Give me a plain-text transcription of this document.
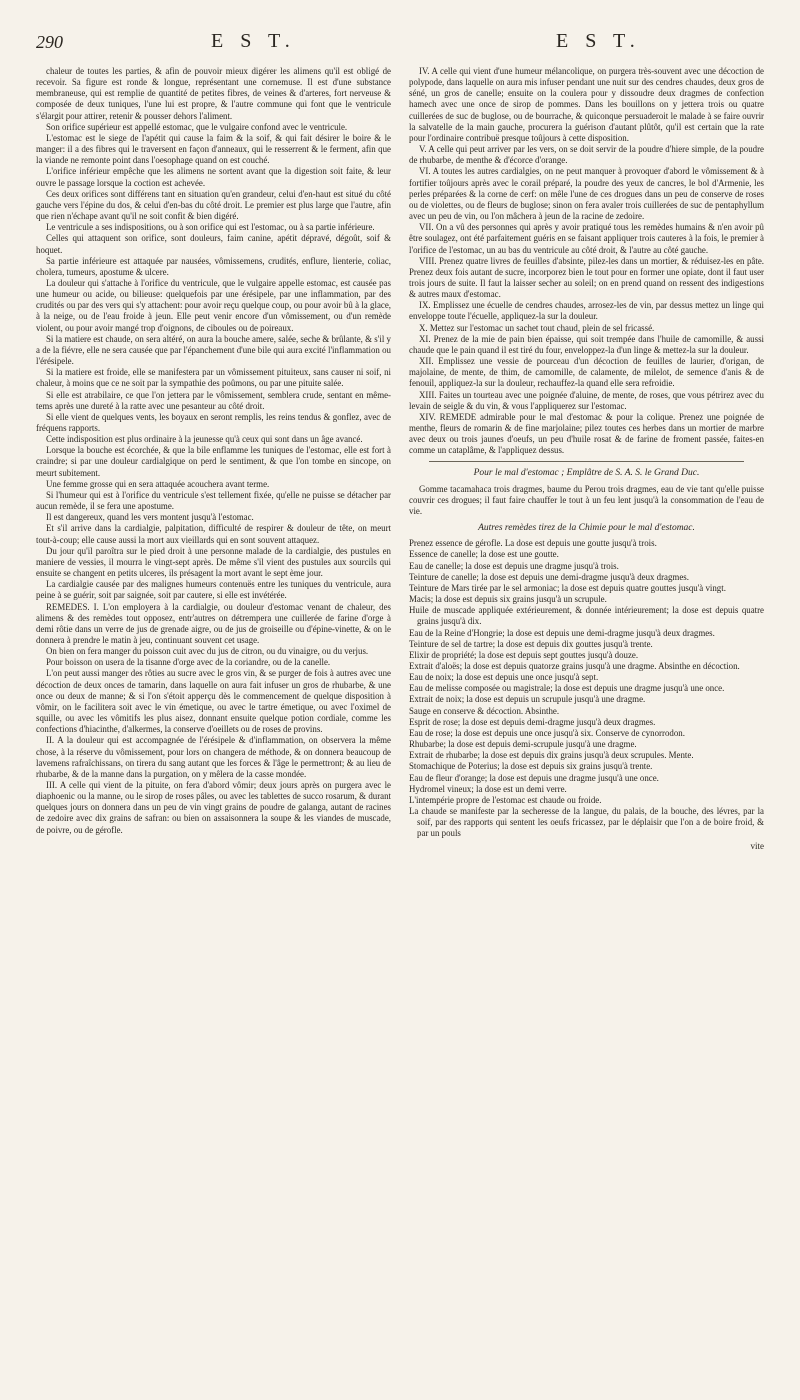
290	E S T.	E S T.

chaleur de toutes les parties, & afin de pouvoir mieux digérer les alimens qu'il est obligé de recevoir. Sa figure est ronde & longue, représentant une cornemuse. Il est d'une substance membraneuse, qui est remplie de quantité de petites fibres, de veines & d'arteres, fort nerveuse & composée de deux tuniques, l'une lui est propre, & l'autre commune qui font que le ventricule s'élargit pour attirer, retenir & pousser dehors l'aliment.

Son orifice supérieur est appellé estomac, que le vulgaire confond avec le ventricule.

L'estomac est le siege de l'apétit qui cause la faim & la soif, & qui fait désirer le boire & le manger: il a des fibres qui le traversent en façon d'anneaux, qui le resserrent & le ferment, afin que la viande ne remonte point dans l'oesophage quand on est couché.

L'orifice inférieur empêche que les alimens ne sortent avant que la digestion soit faite, & leur ouvre le passage lorsque la coction est achevée.

Ces deux orifices sont différens tant en situation qu'en grandeur, celui d'en-haut est situé du côté gauche vers l'épine du dos, & celui d'en-bas du côté droit. Le premier est plus large que l'autre, afin que rien n'échape avant qu'il ne soit confit & bien digéré.

Le ventricule a ses indispositions, ou à son orifice qui est l'estomac, ou à sa partie inférieure.

Celles qui attaquent son orifice, sont douleurs, faim canine, apétit dépravé, dégoût, soif & hoquet.

Sa partie inférieure est attaquée par nausées, vômissemens, crudités, enflure, lienterie, coliac, cholera, tumeurs, apostume & ulcere.

La douleur qui s'attache à l'orifice du ventricule, que le vulgaire appelle estomac, est causée pas une humeur ou acide, ou bilieuse: quelquefois par une érésipele, par une inflammation, par des crudités ou par des vers qui s'y attachent: pour avoir reçu quelque coup, ou pour avoir bû à la glace, à la neige, ou de l'eau froide à jeun. Elle peut venir encore d'un vômissement, ou d'un remède violent, ou pour avoir mangé trop d'oignons, de ciboules ou de poireaux.

Si la matiere est chaude, on sera altéré, on aura la bouche amere, salée, seche & brûlante, & s'il y a de la fiévre, elle ne sera causée que par l'épanchement d'une bile qui aura excité l'inflammation ou l'érésipele.

Si la matiere est froide, elle se manifestera par un vômissement pituiteux, sans causer ni soif, ni chaleur, à moins que ce ne soit par la sympathie des poûmons, ou par une pituite salée.

Si elle est atrabilaire, ce que l'on jettera par le vômissement, semblera crude, sentant en même-tems après une dureté à la ratte avec une pesanteur au côté droit.

Si elle vient de quelques vents, les boyaux en seront remplis, les reins tendus & gonflez, avec de fréquens rapports.

Cette indisposition est plus ordinaire à la jeunesse qu'à ceux qui sont dans un âge avancé.

Lorsque la bouche est écorchée, & que la bile enflamme les tuniques de l'estomac, elle est fort à craindre; si par une douleur cardialgique on perd le sentiment, & que l'on tombe en sincope, on meurt subitement.

Une femme grosse qui en sera attaquée acouchera avant terme.

Si l'humeur qui est à l'orifice du ventricule s'est tellement fixée, qu'elle ne puisse se détacher par aucun remède, il se fera une apostume.

Il est dangereux, quand les vers montent jusqu'à l'estomac.

Et s'il arrive dans la cardialgie, palpitation, difficulté de respirer & douleur de tête, on meurt tout-à-coup; elle cause aussi la mort aux vieillards qui en sont souvent attaquez.

Du jour qu'il paroîtra sur le pied droit à une personne malade de la cardialgie, des pustules en maniere de vessies, il mourra le vingt-sept après. De même s'il vient des pustules aux sourcils qui ensuite se changent en petits ulceres, ils présagent la mort avant le sept ème jour.

La cardialgie causée par des malignes humeurs contenuës entre les tuniques du ventricule, aura peine à se guérir, soit par saignée, soit par cautere, si elle est invétérée.

REMEDES. I. L'on employera à la cardialgie, ou douleur d'estomac venant de chaleur, des alimens & des remèdes tout opposez, entr'autres on détrempera une cuillerée de farine d'orge à demi rôtie dans un verre de jus de grenade aigre, ou de jus de groiseille ou d'épine-vinette, & on le donnera à prendre le matin à jeu, continuant souvent cet usage.

On bien on fera manger du poisson cuit avec du jus de citron, ou du vinaigre, ou du verjus.

Pour boisson on usera de la tisanne d'orge avec de la coriandre, ou de la canelle.

L'on peut aussi manger des rôties au sucre avec le gros vin, & se purger de fois à autres avec une décoction de deux onces de tamarin, dans laquelle on aura fait infuser un gros de rhubarbe, & une once ou deux de manne; & si l'on s'étoit apperçu dès le commencement de quelque disposition à vômir, on le facilitera soit avec le vin émetique, ou avec le tartre émetique, ou avec l'oximel de squille, ou avec les vômitifs les plus aisez, donnant ensuite quelque potion cordiale, comme les confections d'hiacinthe, d'alkermes, la conserve d'oeillets ou de roses de provins.

II. A la douleur qui est accompagnée de l'érésipele & d'inflammation, on observera la même chose, à la réserve du vômissement, pour lors on changera de méthode, & on donnera beaucoup de lavemens rafraîchissans, on tirera du sang autant que les forces & l'âge le permettront; & au lieu de rhubarbe, & de la manne dans la purgation, on y mêlera de la casse mondée.

III. A celle qui vient de la pituite, on fera d'abord vômir; deux jours après on purgera avec le diaphoenic ou la manne, ou le sirop de roses pâles, ou avec les tablettes de succo rosarum, & durant quelques jours on donnera dans un peu de vin vingt grains de poudre de galanga, autant de racines de zedoire avec dix grains de safran: ou bien on assaisonnera la soupe & les viandes de muscade, de poivre, ou de gérofle.

IV. A celle qui vient d'une humeur mélancolique, on purgera très-souvent avec une décoction de polypode, dans laquelle on aura mis infuser pendant une nuit sur des cendres chaudes, deux gros de séné, un gros de canelle; ensuite on la coulera pour y dissoudre deux dragmes de confection hamech avec une once de sirop de pommes. Dans les bouillons on y jettera trois ou quatre cuillerées de suc de buglose, ou de bourrache, & quiconque persuaderoit le malade à se faire ouvrir la salvatelle de la main gauche, procurera la guérison d'autant plûtôt, qu'il est certain que la rate pour l'ordinaire contribuë presque toûjours à cette disposition.

V. A celle qui peut arriver par les vers, on se doit servir de la poudre d'hiere simple, de la poudre de rhubarbe, de menthe & d'écorce d'orange.

VI. A toutes les autres cardialgies, on ne peut manquer à provoquer d'abord le vômissement & à fortifier toûjours après avec le corail préparé, la poudre des yeux de cancres, le bol d'Armenie, les perles préparées & la corne de cerf: on mêle l'une de ces drogues dans un peu de conserve de roses ou de violettes, ou de fleurs de buglose; sinon on fera avaler trois cuillerées de suc de pentaphyllum avec un peu de vin, ou l'on mâchera à jeun de la racine de zedoire.

VII. On a vû des personnes qui après y avoir pratiqué tous les remèdes humains & n'en avoir pû être soulagez, ont été parfaitement guéris en se faisant appliquer trois cauteres à la fois, le premier à l'orifice de l'estomac, un au bas du ventricule au côté droit, & l'autre au côté gauche.

VIII. Prenez quatre livres de feuilles d'absinte, pilez-les dans un mortier, & réduisez-les en pâte. Prenez deux fois autant de sucre, incorporez bien le tout pour en former une opiate, dont il faut user trois jours de suite. Il faut la laisser secher au soleil; on en prend quand on ressent des indigestions & autres maux d'estomac.

IX. Emplissez une écuelle de cendres chaudes, arrosez-les de vin, par dessus mettez un linge qui enveloppe toute l'écuelle, appliquez-la sur la douleur.

X. Mettez sur l'estomac un sachet tout chaud, plein de sel fricassé.

XI. Prenez de la mie de pain bien épaisse, qui soit trempée dans l'huile de camomille, & aussi chaude que le pain quand il est tiré du four, enveloppez-la d'un linge & mettez-la sur la douleur.

XII. Emplissez une vessie de pourceau d'un décoction de feuilles de laurier, d'origan, de majolaine, de mente, de thim, de camomille, de calamente, de milelot, de semence d'anis & de fenouil, appliquez-la sur la douleur, rechauffez-la quand elle sera refroidie.

XIII. Faites un tourteau avec une poignée d'aluine, de mente, de roses, que vous pétrirez avec du levain de seigle & du vin, & vous l'appliquerez sur l'estomac.

XIV. REMEDE admirable pour le mal d'estomac & pour la colique. Prenez une poignée de menthe, fleurs de romarin & de fine marjolaine; pilez toutes ces herbes dans un mortier de marbre avec deux ou trois jaunes d'oeufs, un peu d'huile rosat & de farine de froment passée, faites-en comme un cataplâme, & l'appliquez dessus.

Pour le mal d'estomac ; Emplâtre de S. A. S. le Grand Duc.

Gomme tacamahaca trois dragmes, baume du Perou trois dragmes, eau de vie tant qu'elle puisse couvrir ces drogues; il faut faire chauffer le tout à un feu lent jusqu'à la consommation de l'eau de vie.

Autres remèdes tirez de la Chimie pour le mal d'estomac.

Prenez essence de gérofle. La dose est depuis une goutte jusqu'à trois.

Essence de canelle; la dose est une goutte.

Eau de canelle; la dose est depuis une dragme jusqu'à trois.

Teinture de canelle; la dose est depuis une demi-dragme jusqu'à deux dragmes.

Teinture de Mars tirée par le sel armoniac; la dose est depuis quatre gouttes jusqu'à vingt.

Macis; la dose est depuis six grains jusqu'à un scrupule.

Huile de muscade appliquée extérieurement, & donnée intérieurement; la dose est depuis quatre grains jusqu'à dix.

Eau de la Reine d'Hongrie; la dose est depuis une demi-dragme jusqu'à deux dragmes.

Teinture de sel de tartre; la dose est depuis dix gouttes jusqu'à trente.

Elixir de propriété; la dose est depuis sept gouttes jusqu'à douze.

Extrait d'aloës; la dose est depuis quatorze grains jusqu'à une dragme. Absinthe en décoction.

Eau de noix; la dose est depuis une once jusqu'à sept.

Eau de melisse composée ou magistrale; la dose est depuis une dragme jusqu'à une once.

Extrait de noix; la dose est depuis un scrupule jusqu'à une dragme.

Sauge en conserve & décoction. Absinthe.

Esprit de rose; la dose est depuis demi-dragme jusqu'à deux dragmes.

Eau de rose; la dose est depuis une once jusqu'à six. Conserve de cynorrodon.

Rhubarbe; la dose est depuis demi-scrupule jusqu'à une dragme.

Extrait de rhubarbe; la dose est depuis dix grains jusqu'à deux scrupules. Mente.

Stomachique de Poterius; la dose est depuis six grains jusqu'à trente.

Eau de fleur d'orange; la dose est depuis une dragme jusqu'à une once.

Hydromel vineux; la dose est un demi verre.

L'intempérie propre de l'estomac est chaude ou froide.

La chaude se manifeste par la secheresse de la langue, du palais, de la bouche, des lévres, par la soif, par des rapports qui sentent les oeufs fricassez, par le déplaisir que l'on a de boire froid, & par un pouls

vite
